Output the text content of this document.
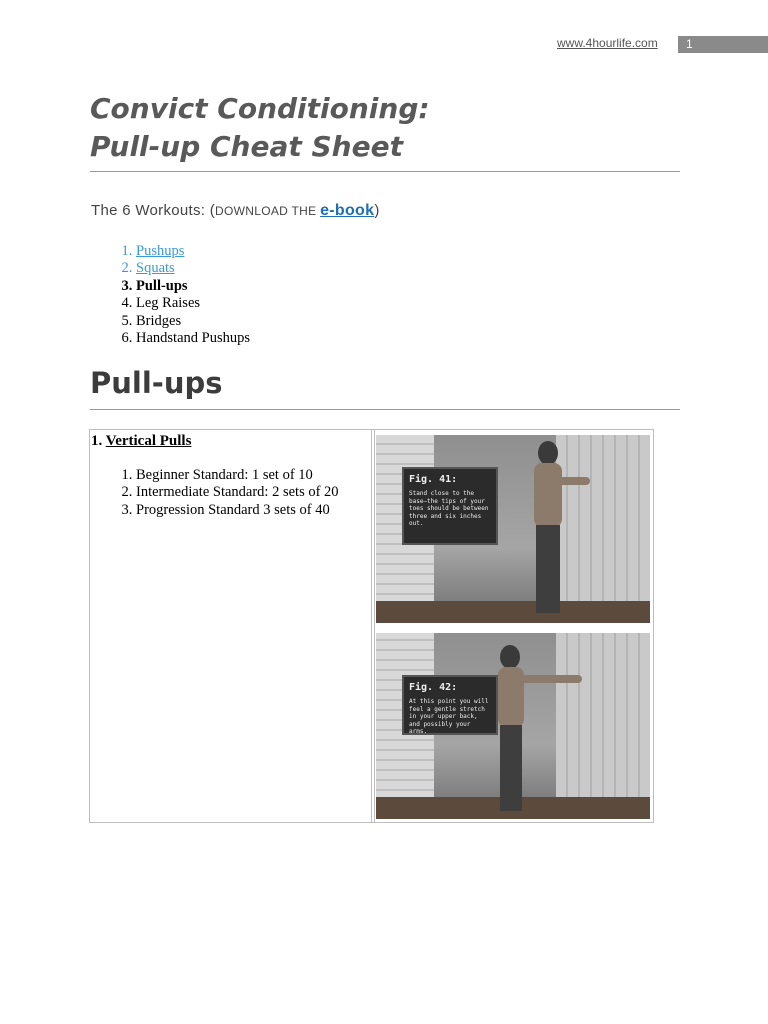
www.4hourlife.com	1
Convict Conditioning:
Pull-up Cheat Sheet
The 6 Workouts: (DOWNLOAD THE e-book)
1. Pushups
2. Squats
3. Pull-ups
4. Leg Raises
5. Bridges
6. Handstand Pushups
Pull-ups
1. Vertical Pulls
1. Beginner Standard: 1 set of 10
2. Intermediate Standard: 2 sets of 20
3. Progression Standard 3 sets of 40
Fig. 41:
Stand close to the base—the tips of your toes should be between three and six inches out.
Fig. 42:
At this point you will feel a gentle stretch in your upper back, and possibly your arms.
